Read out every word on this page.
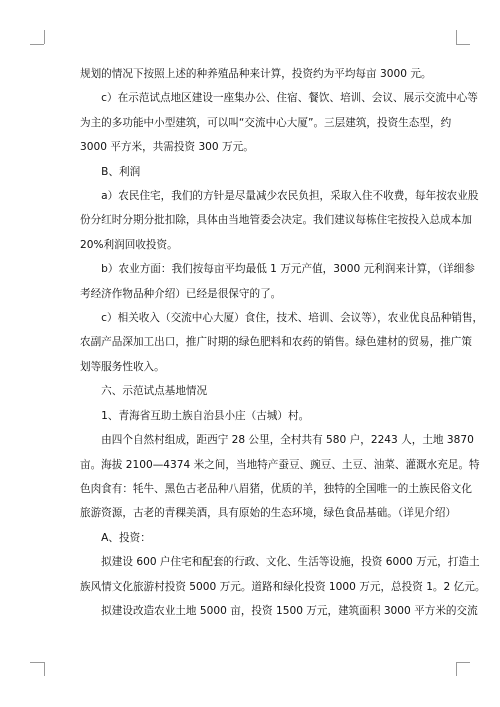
规划的情况下按照上述的种养殖品种来计算，投资约为平均每亩 3000 元。

　　c）在示范试点地区建设一座集办公、住宿、餐饮、培训、会议、展示交流中心等

为主的多功能中小型建筑，可以叫“交流中心大厦”。三层建筑，投资生态型，约

3000 平方米，共需投资 300 万元。

　　B、利润

　　a）农民住宅，我们的方针是尽量减少农民负担，采取入住不收费，每年按农业股

份分红时分期分批扣除，具体由当地管委会决定。我们建议每栋住宅按投入总成本加

20%利润回收投资。

　　b）农业方面：我们按每亩平均最低 1 万元产值，3000 元利润来计算，（详细参

考经济作物品种介绍）已经是很保守的了。

　　c）相关收入（交流中心大厦）食住，技术、培训、会议等），农业优良品种销售，

农副产品深加工出口，推广时期的绿色肥料和农药的销售。绿色建材的贸易，推广策

划等服务性收入。

　　六、示范试点基地情况

　　1、青海省互助土族自治县小庄（古城）村。

　　由四个自然村组成，距西宁 28 公里，全村共有 580 户，2243 人，土地 3870

亩。海拔 2100—4374 米之间，当地特产蚕豆、豌豆、土豆、油菜、灌溉水充足。特

色肉食有：牦牛、黑色古老品种八眉猪，优质的羊，独特的全国唯一的土族民俗文化

旅游资源，古老的青稞美酒，具有原始的生态环境，绿色食品基础。（详见介绍）

　　A、投资：

　　拟建设 600 户住宅和配套的行政、文化、生活等设施，投资 6000 万元，打造土

族风情文化旅游村投资 5000 万元。道路和绿化投资 1000 万元，总投资 1。2 亿元。

　　拟建设改造农业土地 5000 亩，投资 1500 万元，建筑面积 3000 平方米的交流
